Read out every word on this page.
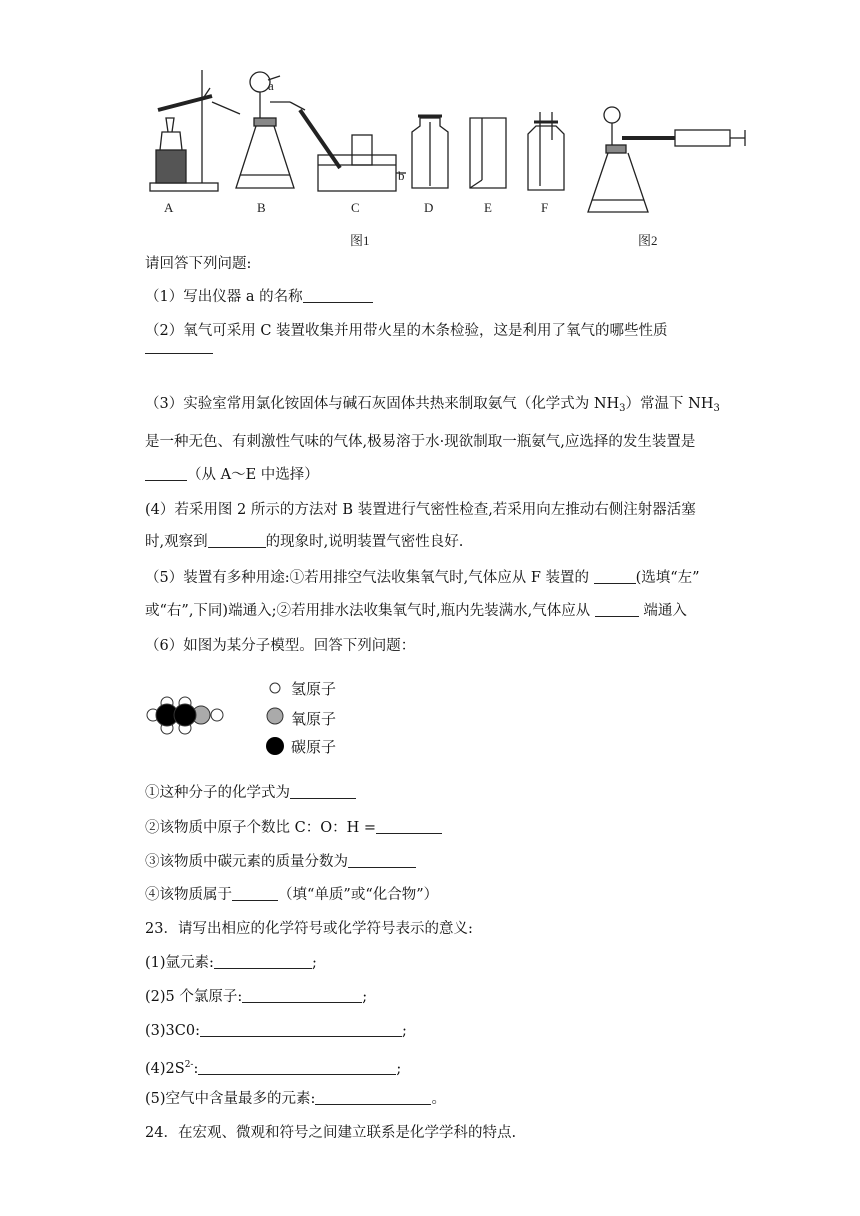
a
b
A	B	C	D	E	F
图1	图2
请回答下列问题:
（1）写出仪器 a 的名称
（2）氧气可采用 C 装置收集并用带火星的木条检验，这是利用了氧气的哪些性质
（3）实验室常用氯化铵固体与碱石灰固体共热来制取氨气（化学式为 $NH_3$）常温下 $NH_3$
是一种无色、有刺激性气味的气体,极易溶于水·现欲制取一瓶氨气,应选择的发生装置是
（从 A～E 中选择）
(4）若采用图 2 所示的方法对 B 装置进行气密性检查,若采用向左推动右侧注射器活塞
时,观察到	的现象时,说明装置气密性良好.
（5）装置有多种用途:①若用排空气法收集氧气时,气体应从 F 装置的	(选填“左”
或“右”,下同)端通入;②若用排水法收集氧气时,瓶内先装满水,气体应从	端通入
（6）如图为某分子模型。回答下列问题：
氢原子
氧原子
碳原子
①这种分子的化学式为
②该物质中原子个数比 C：O：H =
③该物质中碳元素的质量分数为
④该物质属于	（填“单质”或“化合物”）
23．请写出相应的化学符号或化学符号表示的意义:
(1)氩元素:	;
(2)5 个氯原子:	;
(3)3C0:	;
$(4)2S^{2-}$:	;
(5)空气中含量最多的元素:	。
24．在宏观、微观和符号之间建立联系是化学学科的特点.
